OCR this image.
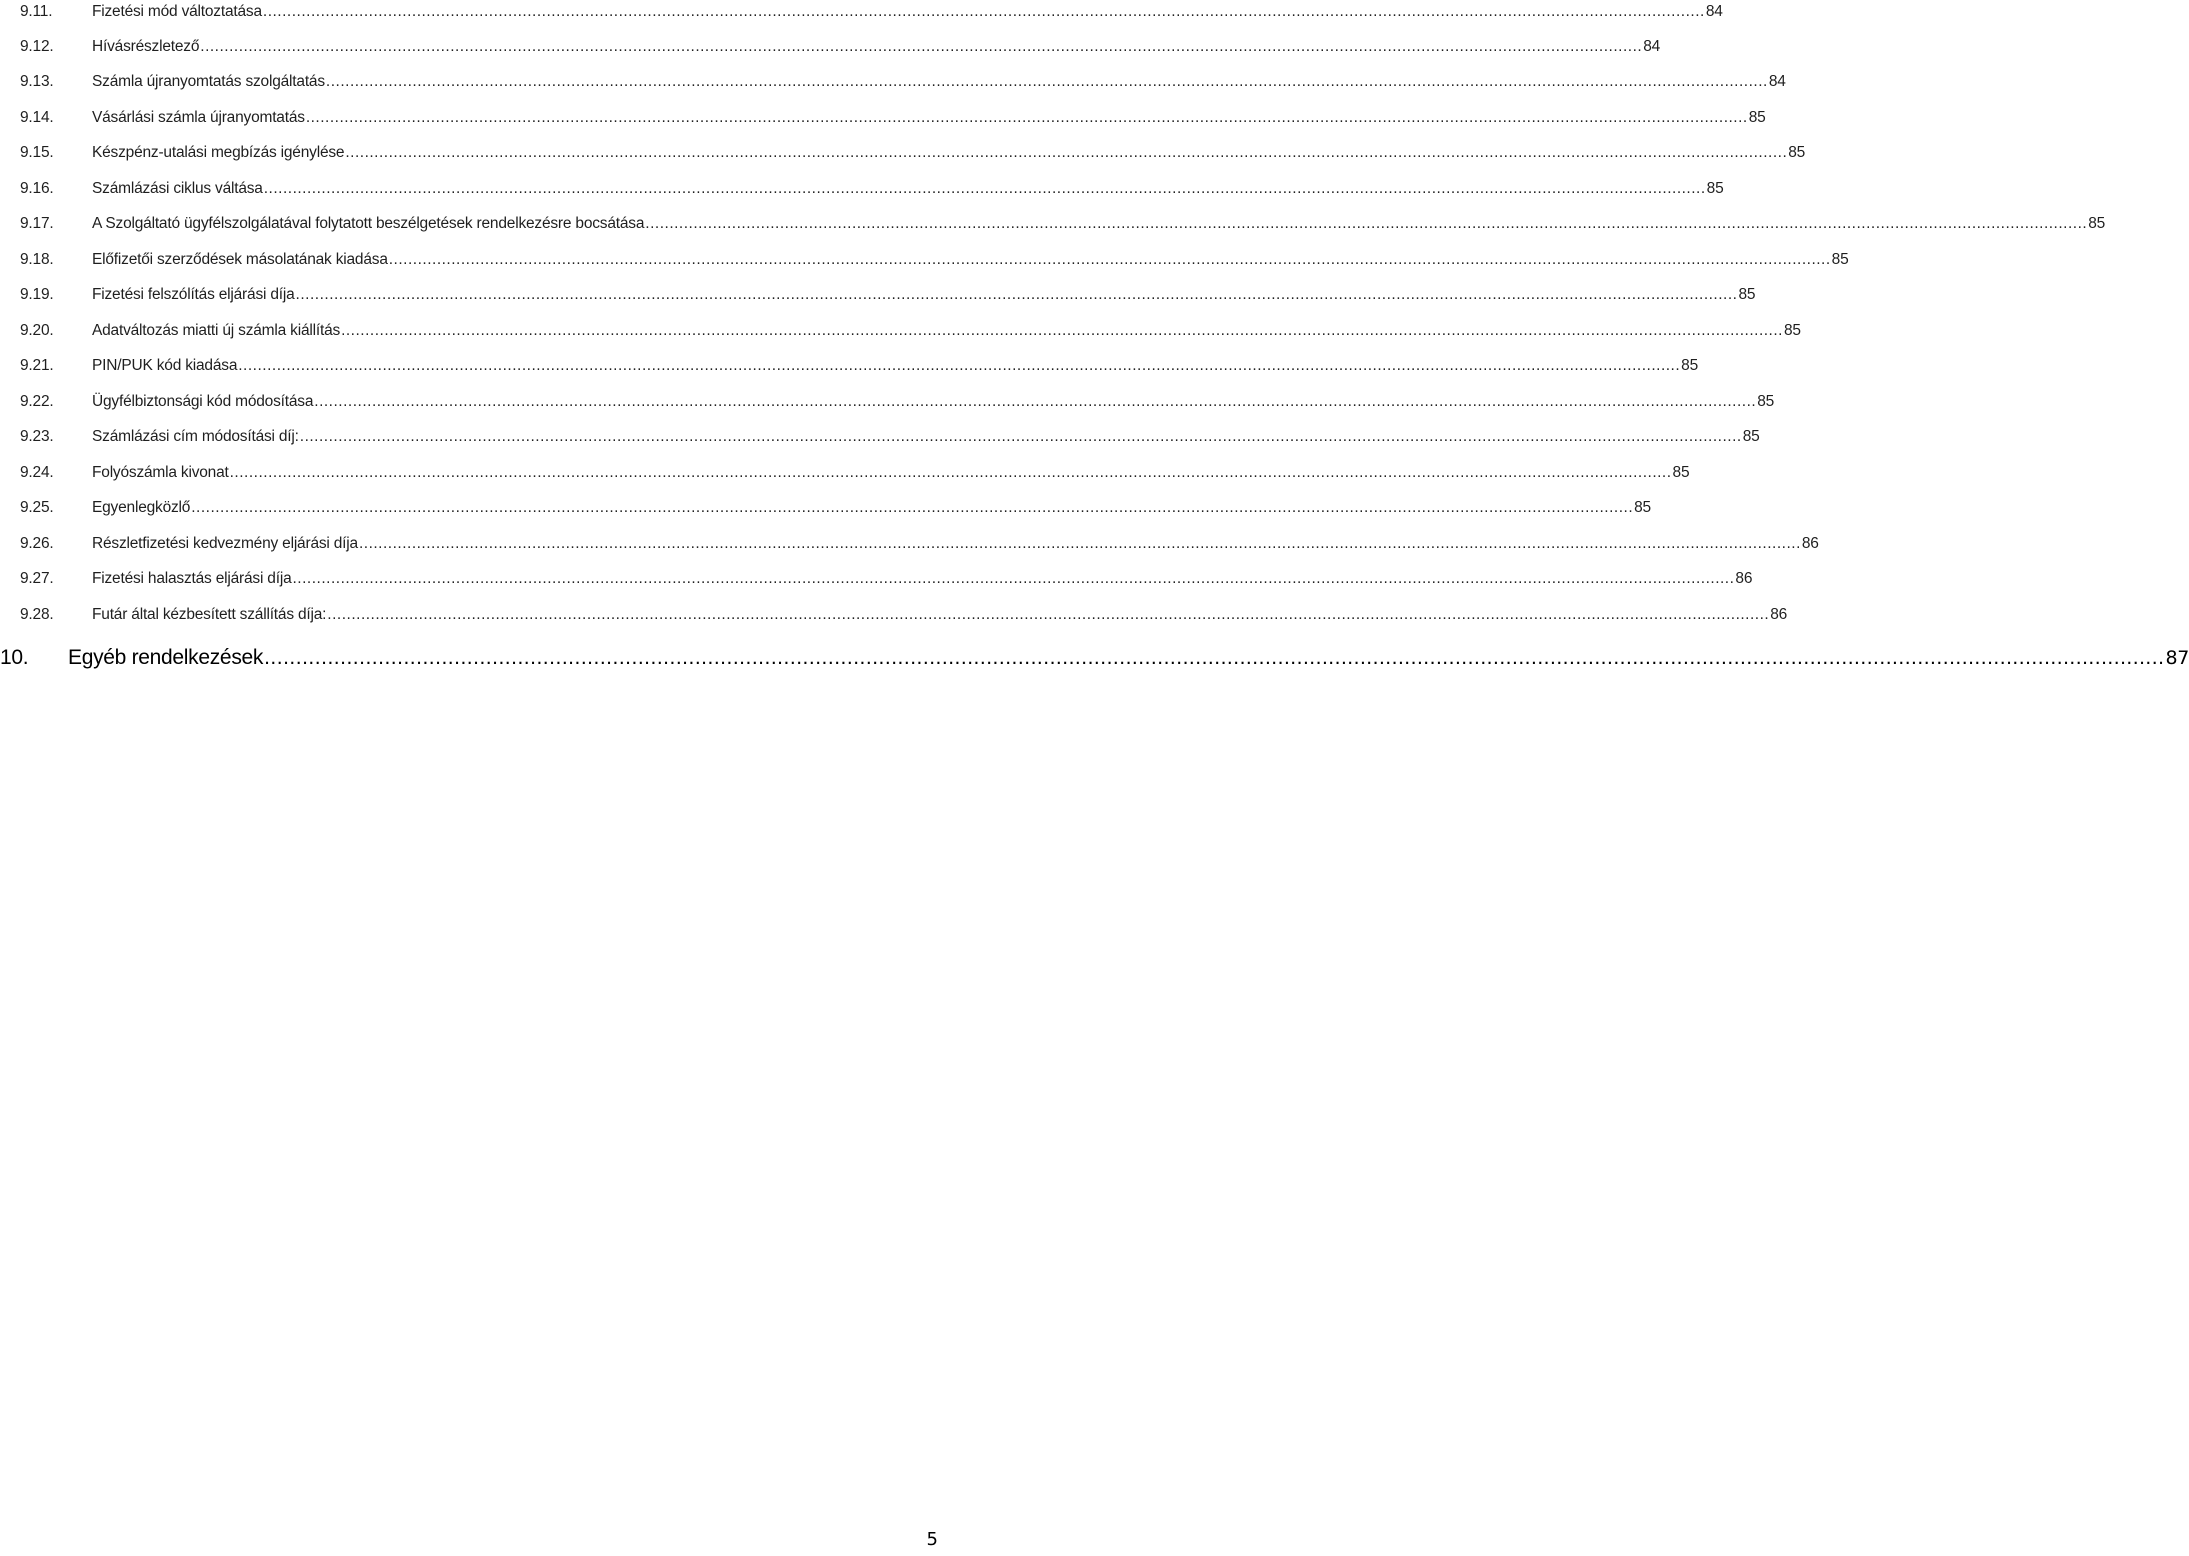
9.11.	Fizetési mód változtatása ............................................................................................................................................................................................................................................................................................................ 84
9.12.	Hívásrészletező ............................................................................................................................................................................................................................................................................................................ 84
9.13.	Számla újranyomtatás szolgáltatás ............................................................................................................................................................................................................................................................................................................ 84
9.14.	Vásárlási számla újranyomtatás ............................................................................................................................................................................................................................................................................................................ 85
9.15.	Készpénz-utalási megbízás igénylése ............................................................................................................................................................................................................................................................................................................ 85
9.16.	Számlázási ciklus váltása ............................................................................................................................................................................................................................................................................................................ 85
9.17.	A Szolgáltató ügyfélszolgálatával folytatott beszélgetések rendelkezésre bocsátása ............................................................................................................................................................................................................................................................................................................ 85
9.18.	Előfizetői szerződések másolatának kiadása ............................................................................................................................................................................................................................................................................................................ 85
9.19.	Fizetési felszólítás eljárási díja ............................................................................................................................................................................................................................................................................................................ 85
9.20.	Adatváltozás miatti új számla kiállítás ............................................................................................................................................................................................................................................................................................................ 85
9.21.	PIN/PUK kód kiadása ............................................................................................................................................................................................................................................................................................................ 85
9.22.	Ügyfélbiztonsági kód módosítása ............................................................................................................................................................................................................................................................................................................ 85
9.23.	Számlázási cím módosítási díj: ............................................................................................................................................................................................................................................................................................................ 85
9.24.	Folyószámla kivonat ............................................................................................................................................................................................................................................................................................................ 85
9.25.	Egyenlegközlő ............................................................................................................................................................................................................................................................................................................ 85
9.26.	Részletfizetési kedvezmény eljárási díja ............................................................................................................................................................................................................................................................................................................ 86
9.27.	Fizetési halasztás eljárási díja ............................................................................................................................................................................................................................................................................................................ 86
9.28.	Futár által kézbesített szállítás díja: ............................................................................................................................................................................................................................................................................................................ 86
10.	Egyéb rendelkezések ............................................................................................................................................................................................................................................................................................................ 87
5
